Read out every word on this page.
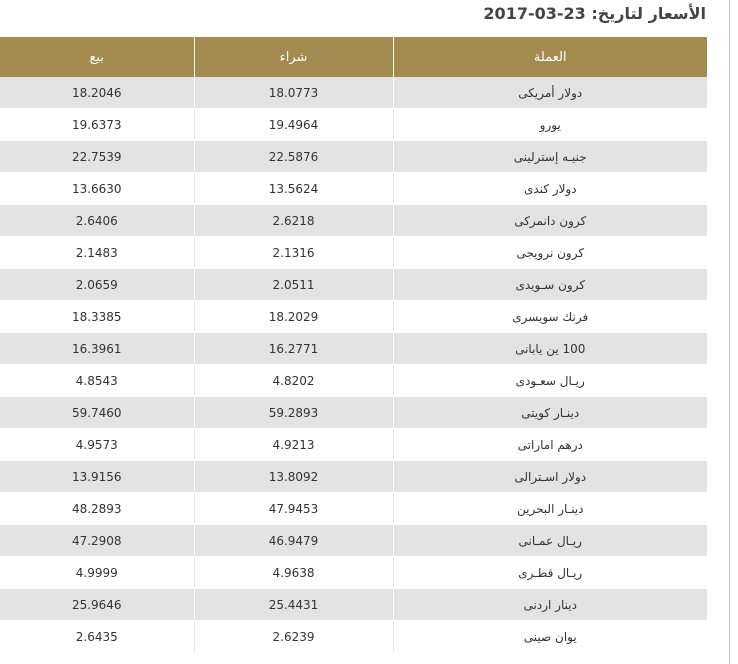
الأسعار لتاريخ: 2017-03-23
بيع	شراء	العملة
18.2046	18.0773	دولار أمريكى
19.6373	19.4964	يورو
22.7539	22.5876	جنيـه إسترلينى
13.6630	13.5624	دولار كندى
2.6406	2.6218	كرون دانمركى
2.1483	2.1316	كرون نرويجى
2.0659	2.0511	كرون سـويدى
18.3385	18.2029	فرنك سويسرى
16.3961	16.2771	100 ين يابانى
4.8543	4.8202	ريـال سعـودى
59.7460	59.2893	دينـار كويتى
4.9573	4.9213	درهم اماراتى
13.9156	13.8092	دولار اسـترالى
48.2893	47.9453	دينـار البحرين
47.2908	46.9479	ريـال عمـانى
4.9999	4.9638	ريـال قطـرى
25.9646	25.4431	دينار اردنى
2.6435	2.6239	يوان صينى
